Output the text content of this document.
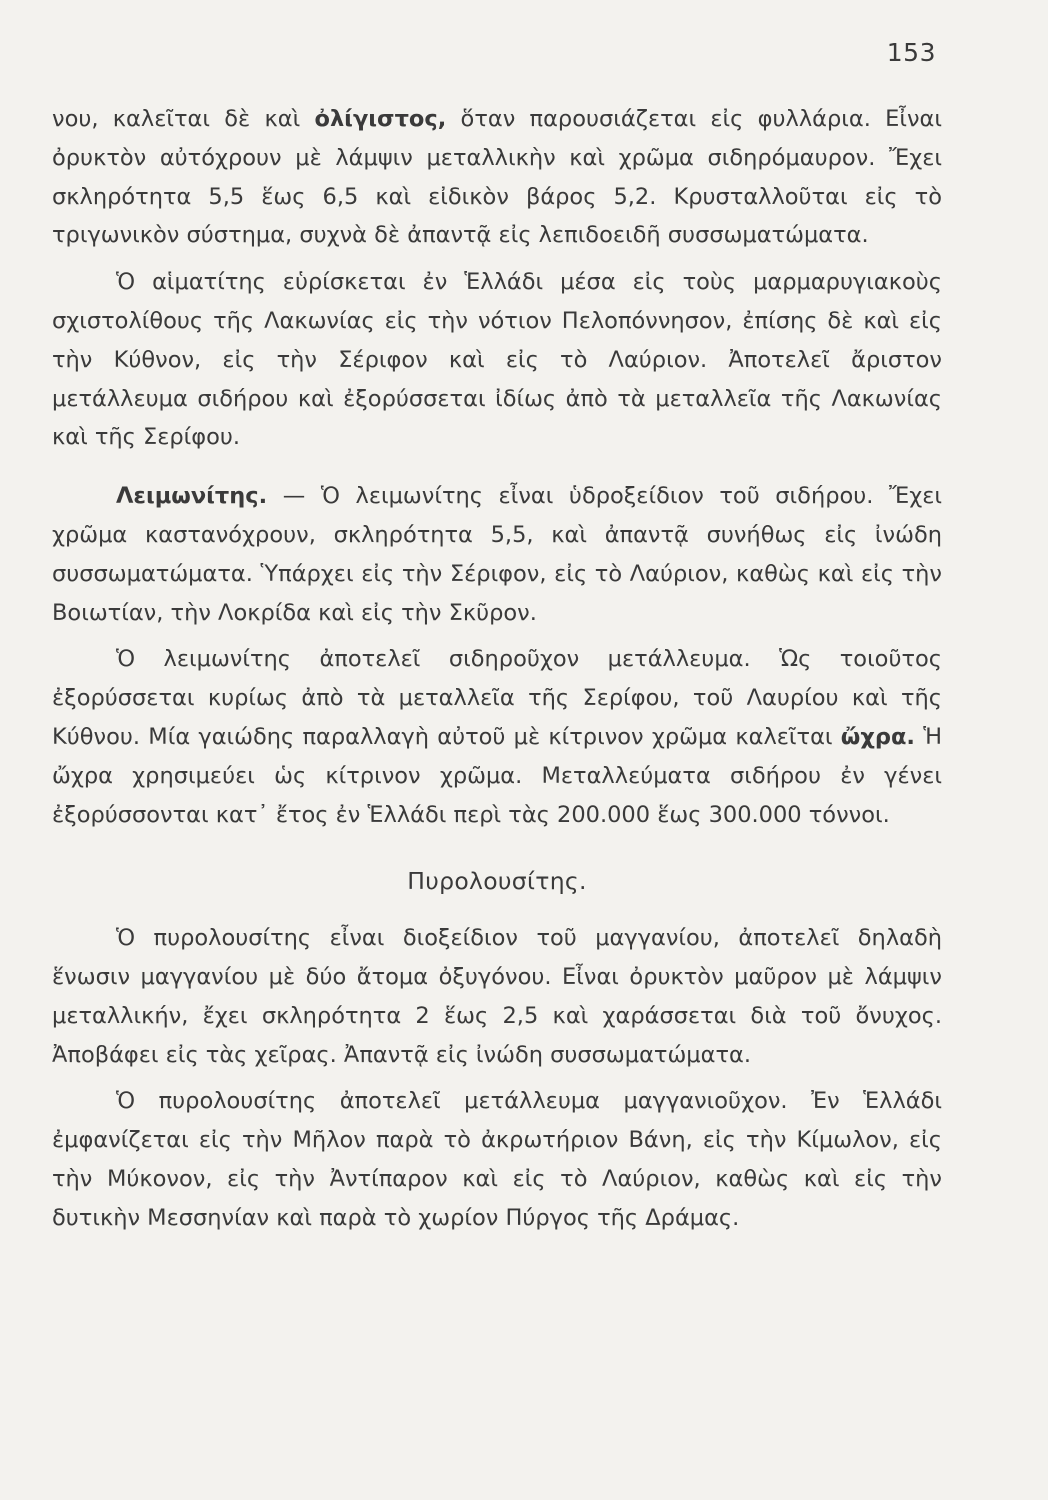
153

νου, καλεῖται δὲ καὶ ὀλίγιστος, ὅταν παρουσιάζεται εἰς φυλλάρια. Εἶναι ὀρυκτὸν αὐτόχρουν μὲ λάμψιν μεταλλικὴν καὶ χρῶμα σιδηρόμαυρον. Ἔχει σκληρότητα 5,5 ἕως 6,5 καὶ εἰδικὸν βάρος 5,2. Κρυσταλλοῦται εἰς τὸ τριγωνικὸν σύστημα, συχνὰ δὲ ἀπαντᾷ εἰς λεπιδοειδῆ συσσωματώματα.

Ὁ αἱματίτης εὑρίσκεται ἐν Ἑλλάδι μέσα εἰς τοὺς μαρμαρυγιακοὺς σχιστολίθους τῆς Λακωνίας εἰς τὴν νότιον Πελοπόννησον, ἐπίσης δὲ καὶ εἰς τὴν Κύθνον, εἰς τὴν Σέριφον καὶ εἰς τὸ Λαύριον. Ἀποτελεῖ ἄριστον μετάλλευμα σιδήρου καὶ ἐξορύσσεται ἰδίως ἀπὸ τὰ μεταλλεῖα τῆς Λακωνίας καὶ τῆς Σερίφου.

Λειμωνίτης. — Ὁ λειμωνίτης εἶναι ὑδροξείδιον τοῦ σιδήρου. Ἔχει χρῶμα καστανόχρουν, σκληρότητα 5,5, καὶ ἀπαντᾷ συνήθως εἰς ἰνώδη συσσωματώματα. Ὑπάρχει εἰς τὴν Σέριφον, εἰς τὸ Λαύριον, καθὼς καὶ εἰς τὴν Βοιωτίαν, τὴν Λοκρίδα καὶ εἰς τὴν Σκῦρον.

Ὁ λειμωνίτης ἀποτελεῖ σιδηροῦχον μετάλλευμα. Ὡς τοιοῦτος ἐξορύσσεται κυρίως ἀπὸ τὰ μεταλλεῖα τῆς Σερίφου, τοῦ Λαυρίου καὶ τῆς Κύθνου. Μία γαιώδης παραλλαγὴ αὐτοῦ μὲ κίτρινον χρῶμα καλεῖται ὤχρα. Ἡ ὤχρα χρησιμεύει ὡς κίτρινον χρῶμα. Μεταλλεύματα σιδήρου ἐν γένει ἐξορύσσονται κατ᾽ ἔτος ἐν Ἑλλάδι περὶ τὰς 200.000 ἕως 300.000 τόννοι.

Πυρολουσίτης.

Ὁ πυρολουσίτης εἶναι διοξείδιον τοῦ μαγγανίου, ἀποτελεῖ δηλαδὴ ἕνωσιν μαγγανίου μὲ δύο ἄτομα ὀξυγόνου. Εἶναι ὀρυκτὸν μαῦρον μὲ λάμψιν μεταλλικήν, ἔχει σκληρότητα 2 ἕως 2,5 καὶ χαράσσεται διὰ τοῦ ὄνυχος. Ἀποβάφει εἰς τὰς χεῖρας. Ἀπαντᾷ εἰς ἰνώδη συσσωματώματα.

Ὁ πυρολουσίτης ἀποτελεῖ μετάλλευμα μαγγανιοῦχον. Ἐν Ἑλλάδι ἐμφανίζεται εἰς τὴν Μῆλον παρὰ τὸ ἀκρωτήριον Βάνη, εἰς τὴν Κίμωλον, εἰς τὴν Μύκονον, εἰς τὴν Ἀντίπαρον καὶ εἰς τὸ Λαύριον, καθὼς καὶ εἰς τὴν δυτικὴν Μεσσηνίαν καὶ παρὰ τὸ χωρίον Πύργος τῆς Δράμας.
